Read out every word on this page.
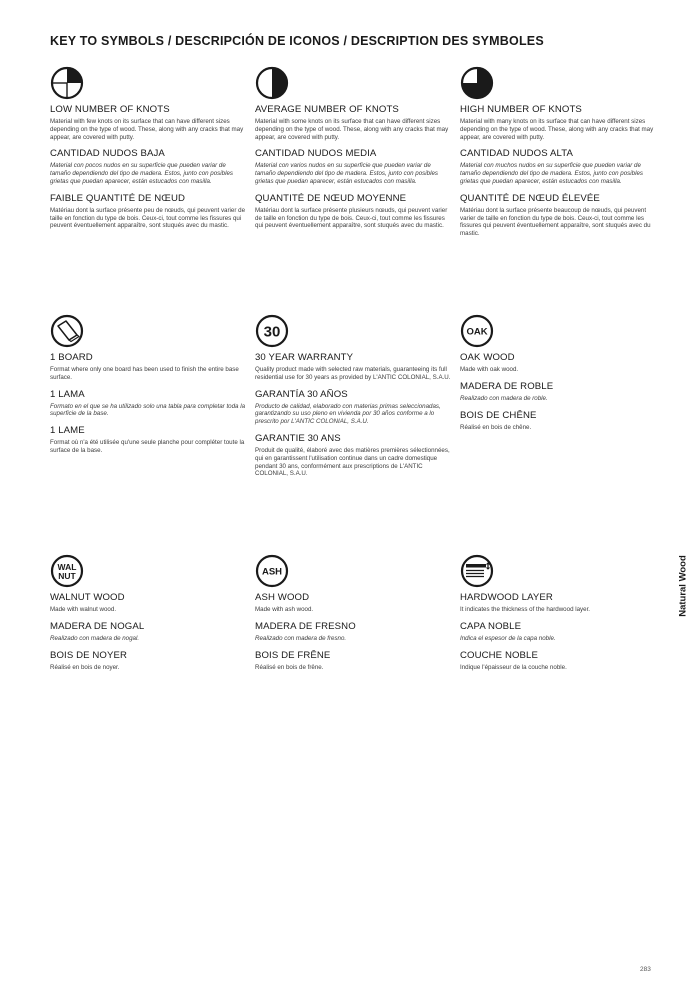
KEY TO SYMBOLS / DESCRIPCIÓN DE ICONOS / DESCRIPTION DES SYMBOLES
LOW NUMBER OF KNOTS
Material with few knots on its surface that can have different sizes depending on the type of wood. These, along with any cracks that may appear, are covered with putty.
CANTIDAD NUDOS BAJA
Material con pocos nudos en su superficie que pueden variar de tamaño dependiendo del tipo de madera. Estos, junto con posibles grietas que puedan aparecer, están estucados con masilla.
FAIBLE QUANTITÉ DE NŒUD
Matériau dont la surface présente peu de nœuds, qui peuvent varier de taille en fonction du type de bois. Ceux-ci, tout comme les fissures qui peuvent éventuellement apparaître, sont stuqués avec du mastic.
AVERAGE NUMBER OF KNOTS
Material with some knots on its surface that can have different sizes depending on the type of wood. These, along with any cracks that may appear, are covered with putty.
CANTIDAD NUDOS MEDIA
Material con varios nudos en su superficie que pueden variar de tamaño dependiendo del tipo de madera. Estos, junto con posibles grietas que puedan aparecer, están estucados con masilla.
QUANTITÉ DE NŒUD MOYENNE
Matériau dont la surface présente plusieurs nœuds, qui peuvent varier de taille en fonction du type de bois. Ceux-ci, tout comme les fissures qui peuvent éventuellement apparaître, sont stuqués avec du mastic.
HIGH NUMBER OF KNOTS
Material with many knots on its surface that can have different sizes depending on the type of wood. These, along with any cracks that may appear, are covered with putty.
CANTIDAD NUDOS ALTA
Material con muchos nudos en su superficie que pueden variar de tamaño dependiendo del tipo de madera. Estos, junto con posibles grietas que puedan aparecer, están estucados con masilla.
QUANTITÉ DE NŒUD ÉLEVÉE
Matériau dont la surface présente beaucoup de nœuds, qui peuvent varier de taille en fonction du type de bois. Ceux-ci, tout comme les fissures qui peuvent éventuellement apparaître, sont stuqués avec du mastic.
1 BOARD
Format where only one board has been used to finish the entire base surface.
1 LAMA
Formato en el que se ha utilizado solo una tabla para completar toda la superficie de la base.
1 LAME
Format où n'a été utilisée qu'une seule planche pour compléter toute la surface de la base.
30
30 YEAR WARRANTY
Quality product made with selected raw materials, guaranteeing its full residential use for 30 years as provided by L'ANTIC COLONIAL, S.A.U.
GARANTÍA 30 AÑOS
Producto de calidad, elaborado con materias primas seleccionadas, garantizando su uso pleno en vivienda por 30 años conforme a lo prescrito por L'ANTIC COLONIAL, S.A.U.
GARANTIE 30 ANS
Produit de qualité, élaboré avec des matières premières sélectionnées, qui en garantissent l'utilisation continue dans un cadre domestique pendant 30 ans, conformément aux prescriptions de L'ANTIC COLONIAL, S.A.U.
OAK
OAK WOOD
Made with oak wood.
MADERA DE ROBLE
Realizado con madera de roble.
BOIS DE CHÊNE
Réalisé en bois de chêne.
WAL
NUT
WALNUT WOOD
Made with walnut wood.
MADERA DE NOGAL
Realizado con madera de nogal.
BOIS DE NOYER
Réalisé en bois de noyer.
ASH
ASH WOOD
Made with ash wood.
MADERA DE FRESNO
Realizado con madera de fresno.
BOIS DE FRÊNE
Réalisé en bois de frêne.
HARDWOOD LAYER
It indicates the thickness of the hardwood layer.
CAPA NOBLE
Indica el espesor de la capa noble.
COUCHE NOBLE
Indique l'épaisseur de la couche noble.
Natural Wood
283
